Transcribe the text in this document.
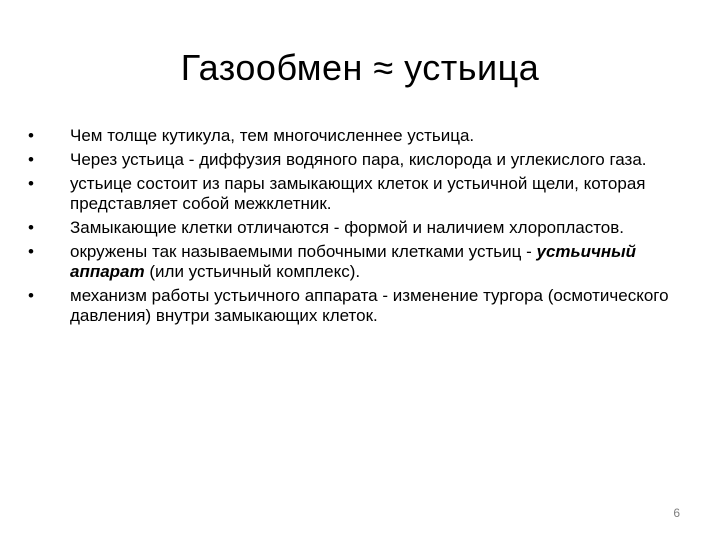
Газообмен ≈ устьица
•	Чем толще кутикула, тем многочисленнее устьица.
•	Через устьица - диффузия водяного пара, кислорода и углекислого газа.
•	устьице состоит из пары замыкающих клеток и устьичной щели, которая представляет собой межклетник.
•	Замыкающие клетки отличаются - формой и наличием хлоропластов.
•	окружены так называемыми побочными клетками устьиц - устьичный аппарат (или устьичный комплекс).
•	механизм работы устьичного аппарата - изменение тургора (осмотического давления) внутри замыкающих клеток.
6
